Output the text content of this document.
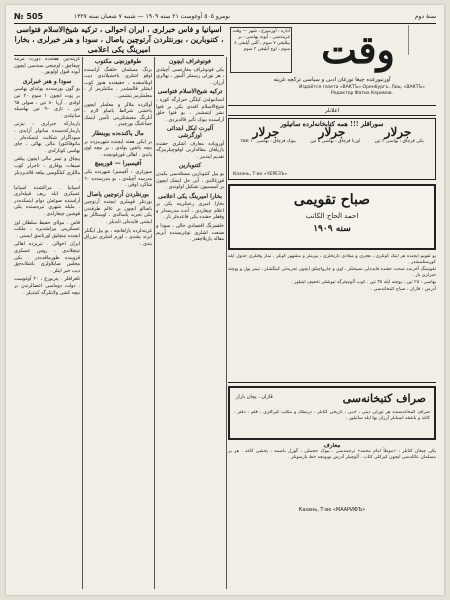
№ 505	نومرو ٥٠٥ آوغوست ٢١ سنه ١٩٠٩ — شنبه ٧ شعبان سنه ١٣٢٧	سنهٔ دوم
اسپانیا و فاس خبرلری ، ایران احوالی ، ترکیه شیخ‌الاسلام فتواسی ، کتنوبارین ، بورنتلردن آرتوچین یاصال ، سودا و هنر خبرلری ، بخارا امیرینگ یکی اعلامی
اداره : آوزنبورغ ، شهر — وقت غزیته‌سی ، آبونه بهاسی : بر ییللیغی ٧ سوم ، آلتی آیلیغی ٤ سوم ، اوج آیلیغی ٢ سوم وقت
آوزنبورغده چیغا تورغان ادبی و سیاسی ترکچه غزیته
Издаётся газета «ВАКТЪ» Оренбургъ. Лиц. «ВАКТЪ» Редактор Фатих Керимов.

گزیته‌نین هفته‌ده دورت مرتبه چیغاچق ، اوچنجی سنه‌سی ایچون آبونه قبول اولونور .

سودا و هنر خبرلری

بو گون بورسه‌ده بوغدای بهاسی بر پوت ایچون ١ سوم ٢٠ تین اولدی . آرپا ٨٠ تین ، صولی ٦٥ تین ، تاری ٩٠ تین بهاسیله ساتیلدی .

یارمارکه خبرلری : نیژنی یارمارکه‌سینده ساتولر آزایدی ، سوداگرلر شکایت ایتمکده‌لر . مانوفاکتورا مالی بهالی ، چای بهاسی کوتارلدی .

پیچاق و تیمر مالی ایچون ییلغی صیفات یوقاری ، تاجرلر کوب ماللری کیلگوسی ییلغه قالدیردیلر .

اسپانیا . مراکشده اسپانیا عسکری ایله ریف قبیله‌لری آراسنده صوغش دوام ایتمکده‌در . ملیله شهری تیره‌سنده یکی قوشین چیغارلدی .

فاس . مولای حفیظ سلطان اوز عسکرینی بیرلشدیره ، ملکت ایچنده تینچلیق اورناتمق ایستی .

ایران احوالی . تبریزده اهالی تینچلاندی ، روس عسکری قزوینده طورماقده‌در . یکی مجلس صایلاولری باشلانه‌چق دیب خبر ایتلر .

تلغرافلر . پتربورغ ، ٢٠ آوغوست . دولت دوماسی اعضالرندن بر نیچه کشی ولایتلرگه کیتدیلر .

طوقوزنچی مکتوب

بزنگ مسلمان خلقنگ آراسنده اوقو اشلری یاخشیلاندی دیب اوبلاسقده ، حقیقتده هنوز کوب ایشلر قالمشدر . مکتبلرمز آز ، معلملرمز یتشمی .

آوللرده ملالر و معلملر ایچون یاخشی شرائط یاساو لازم ، آنلرنگ معیشتلرینی تأمین ایتمک جماعتنگ بورچیدر .

مال یاکنده‌ده یوینطار

بر ایکی هفته ایچنده شهرمزده بر نیچه یانغین بولدی ، بر نیچه اوی یاندی . اهالی قورقونچده .

آفیسیرا — قوریبیچ

سوزلری : آفیسیرا شهرنده یکی مدرسه آچیلدی ، بو مدرسه‌ده ٦٠ شاکرد اوقی .

بورنتلردن آرتوچین یاصال

بورنتلر قوملری ایچنده آرتوچین یاصالو ایچون بر عالم طرفندن یکی تجربه یاسالدی ، اوستاللر بو ایشنی فایده‌لی تابدیلر .

غزیته‌لرده یازلغانچه ، بو ییل ایگنلر ایرته پشدی ، اورم اشلری تیزراق بتدی .

فوتوغراف ایچون

یکی فوتوغراف مغازه‌سی آچیلدی ، هر تورلی رسملر آلینور ، بهالری آرزان .

ترکیه شیخ‌الاسلام فتواسی

استانبولدن کیلگن خبرلرگه کوره ، شیخ‌الاسلام افندی یکی بر فتوا نشر ایتمشدر ، بو فتوا خلق آراسنده بیوک تأثیر قالدیردی .

آلبرت ایکل ابتدائی اوزگرشی

آوروپاده معارف اشلری حقنده یازیلغان مقاله‌لرنی اوقوچیلرمزگه تقدیم ایته‌مز .

کتنوبارین

بو ییل کتنوبارین مسئله‌سی یکیدن قوزغالدی ، آنی حل ایتمک ایچون بر کمیسیون تشکیل اولوندی .

بخارا امیرینگ یکی اعلامی

بخارا امیری رعیتلرینه یکی بر اعلام چیغاردی ، آنده مدرسه‌لر و وقفلر حقنده یکی قاعده‌لر بار .

خلقمزنگ اقتصادی حالی ، سودا و صنعت اشلری توغریسنده آیریم مقاله یازیلاچقدر .

اعلانلر
سوراقلر !!! همه کتابخانه‌لرده ساتیلور
جرلار
جرلار
جرلار
یکی قرچاق : بهاسی ٣ تین
اورتا قرچاق : بهاسی ٥ تین
بیوک قرچاق : بهاسی ١٠ тин
Казань, Т-во «ЧЕРЕЗЪ»
صباح تقویمی
احمد الحاج الکاتب
سنه ١٩٠٩

بو تقویم ایچنده هر آینگ کونلری ، هجری و میلادی تاریخلری ، بیرملر و مشهور کونلر ، نماز وقتلری جدول ایله کورستلمشدر .

تقویمنگ آخرنده صحت حقنده فایده‌لی نصیحتلر ، اوی و چارواچیلق ایچون تجربه‌لی کینگشلر ، تیمر یول و پوچته خبرلری بار .

بهاسی : ٢٥ تین ، پوچته ایله ٣٥ تین . کوب آلوچیلرگه تیوشلی تخفیف ایتیلور .

آدرس : قازان ، صباح کتبخانه‌سی .

صراف کتبخانه‌سی
قازان ، پچان بازار
صراف کتبخانه‌سنده هر تورلی دینی ، ادبی ، تاریخی کتابلر ، درسلک و مکتب کیرکلری ، قلم ، دفتر ، کاغذ و باشقه اسبابلر آرزان بها ایله ساتیلور .
معارف
یکی چیغان کتابلر : «موطأ امام محمد» ترجمه‌سی ، بیوک حجملی ، گوزل باصمه ، یخشی کاغذ . هر بر مسلمان عائله‌سی ایچون کیرکلی کتاب . آلوچیلر آدرس بویونچه خط یازسونلر .
Казань, Т-во «МААРИФЪ»
